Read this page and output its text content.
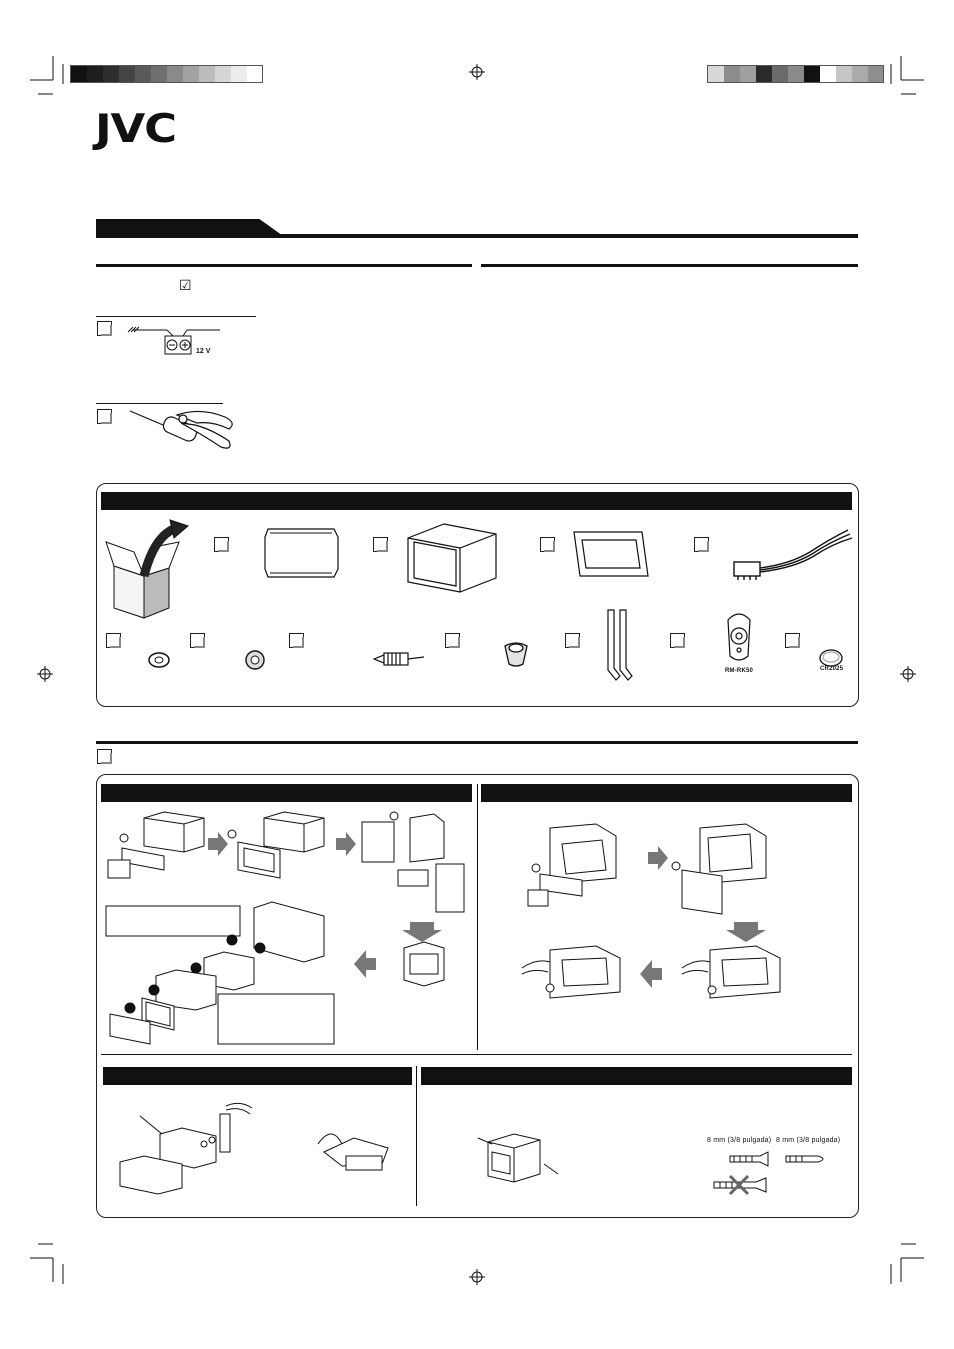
JVC
☑
12 V
RM-RK50	CR2025
8 mm (3/8 pulgada) 8 mm (3/8 pulgada)
